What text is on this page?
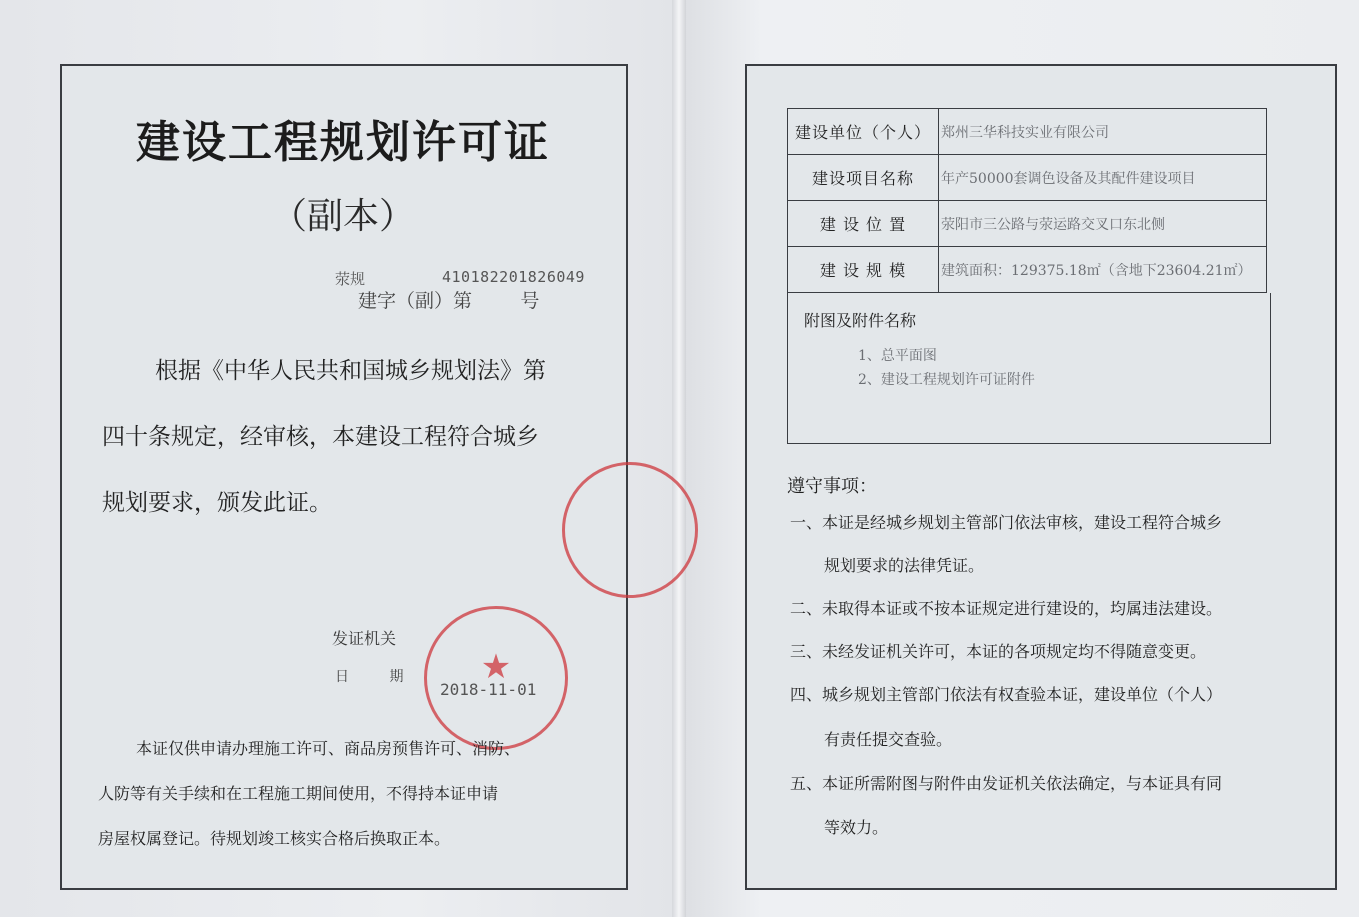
建设工程规划许可证
（副本）
荥规	410182201826049
建字（副）第        号
根据《中华人民共和国城乡规划法》第
四十条规定，经审核，本建设工程符合城乡
规划要求，颁发此证。
发证机关
日 期 ★
2018-11-01
本证仅供申请办理施工许可、商品房预售许可、消防、
人防等有关手续和在工程施工期间使用，不得持本证申请
房屋权属登记。待规划竣工核实合格后换取正本。
建设单位（个人）	郑州三华科技实业有限公司
建设项目名称	年产50000套调色设备及其配件建设项目
建 设 位 置	荥阳市三公路与荥运路交叉口东北侧
建 设 规 模	建筑面积：129375.18㎡（含地下23604.21㎡）
附图及附件名称
1、总平面图
2、建设工程规划许可证附件
遵守事项：
一、本证是经城乡规划主管部门依法审核，建设工程符合城乡
规划要求的法律凭证。
二、未取得本证或不按本证规定进行建设的，均属违法建设。
三、未经发证机关许可，本证的各项规定均不得随意变更。
四、城乡规划主管部门依法有权查验本证，建设单位（个人）
有责任提交查验。
五、本证所需附图与附件由发证机关依法确定，与本证具有同
等效力。
